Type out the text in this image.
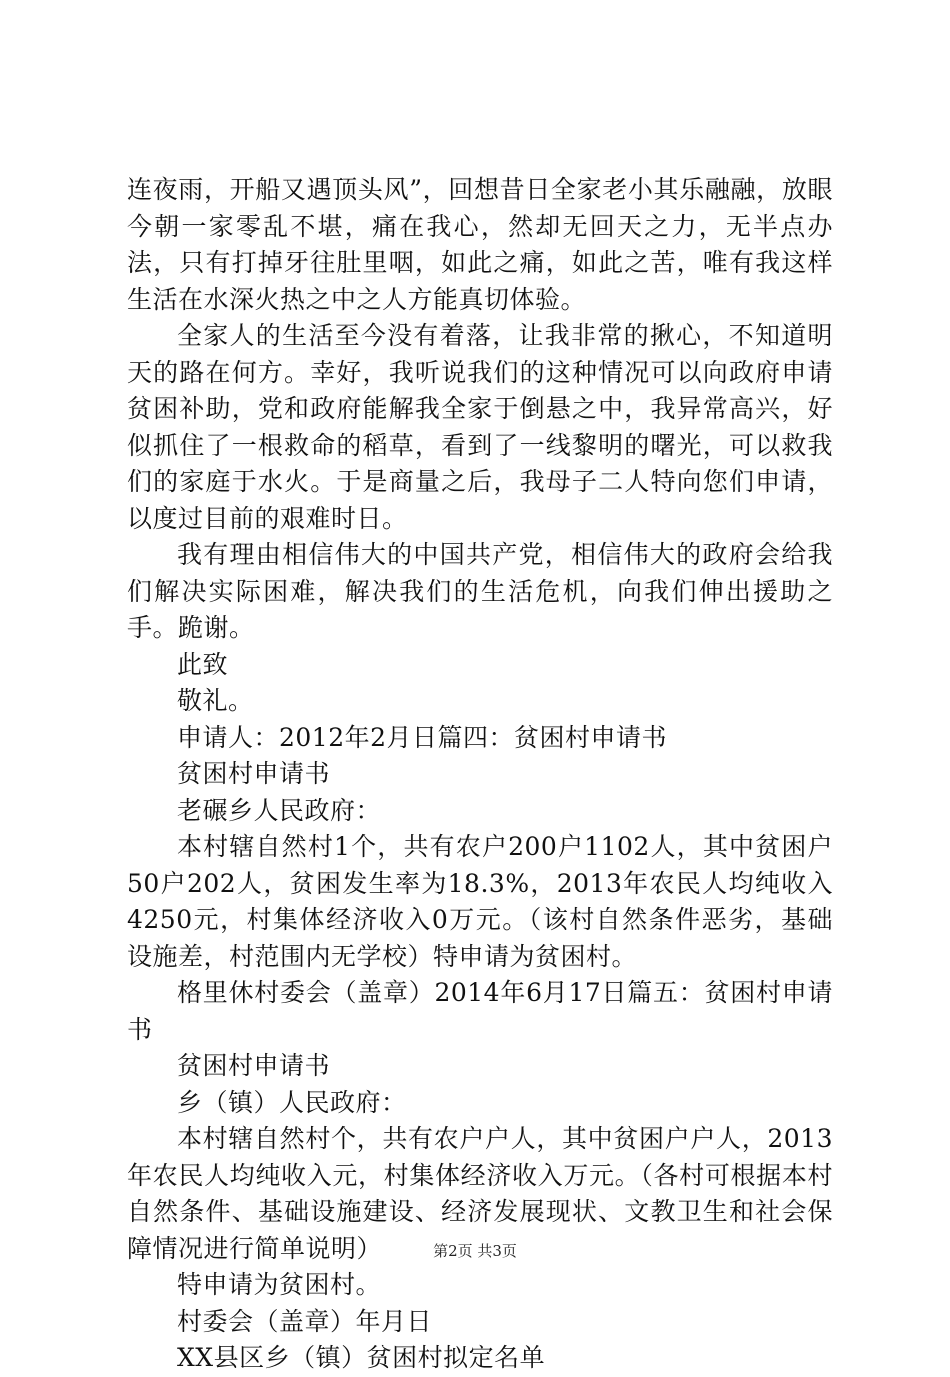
连夜雨，开船又遇顶头风”，回想昔日全家老小其乐融融，放眼今朝一家零乱不堪，痛在我心，然却无回天之力，无半点办法，只有打掉牙往肚里咽，如此之痛，如此之苦，唯有我这样生活在水深火热之中之人方能真切体验。

全家人的生活至今没有着落，让我非常的揪心，不知道明天的路在何方。幸好，我听说我们的这种情况可以向政府申请贫困补助，党和政府能解我全家于倒悬之中，我异常高兴，好似抓住了一根救命的稻草，看到了一线黎明的曙光，可以救我们的家庭于水火。于是商量之后，我母子二人特向您们申请，以度过目前的艰难时日。

我有理由相信伟大的中国共产党，相信伟大的政府会给我们解决实际困难，解决我们的生活危机，向我们伸出援助之手。跪谢。

此致

敬礼。

申请人：2012年2月日篇四：贫困村申请书

贫困村申请书

老碾乡人民政府：

本村辖自然村1个，共有农户200户1102人，其中贫困户50户202人，贫困发生率为18.3%，2013年农民人均纯收入4250元，村集体经济收入0万元。（该村自然条件恶劣，基础设施差，村范围内无学校）特申请为贫困村。

格里休村委会（盖章）2014年6月17日篇五：贫困村申请书

贫困村申请书

乡（镇）人民政府：

本村辖自然村个，共有农户户人，其中贫困户户人，2013年农民人均纯收入元，村集体经济收入万元。（各村可根据本村自然条件、基础设施建设、经济发展现状、文教卫生和社会保障情况进行简单说明）

特申请为贫困村。

村委会（盖章）年月日

XX县区乡（镇）贫困村拟定名单

第2页 共3页
